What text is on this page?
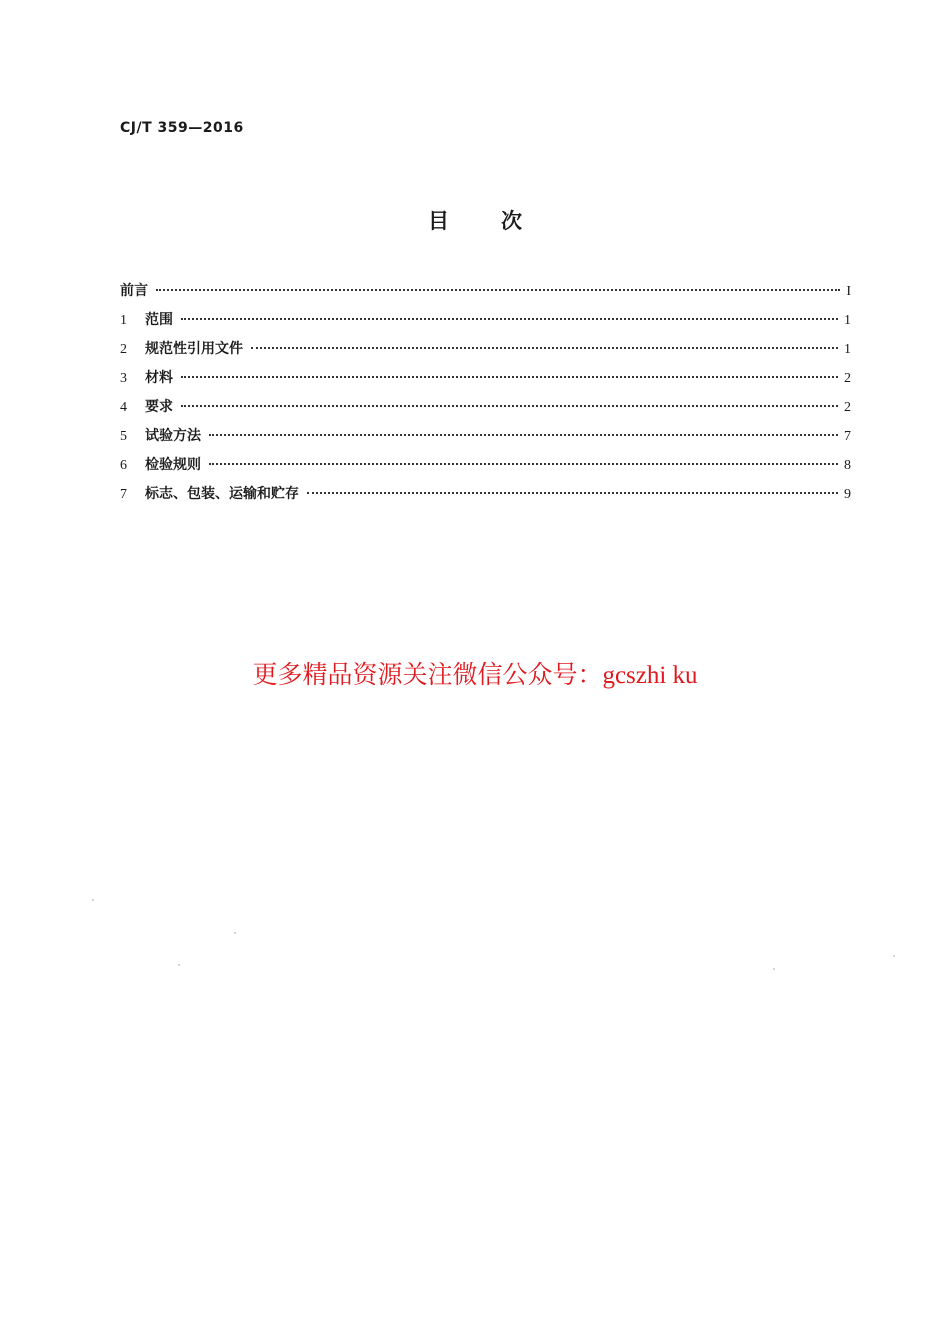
CJ/T 359—2016
目 次
前言	I
1	范围	1
2	规范性引用文件	1
3	材料	2
4	要求	2
5	试验方法	7
6	检验规则	8
7	标志、包装、运输和贮存	9
更多精品资源关注微信公众号：gcszhi ku
